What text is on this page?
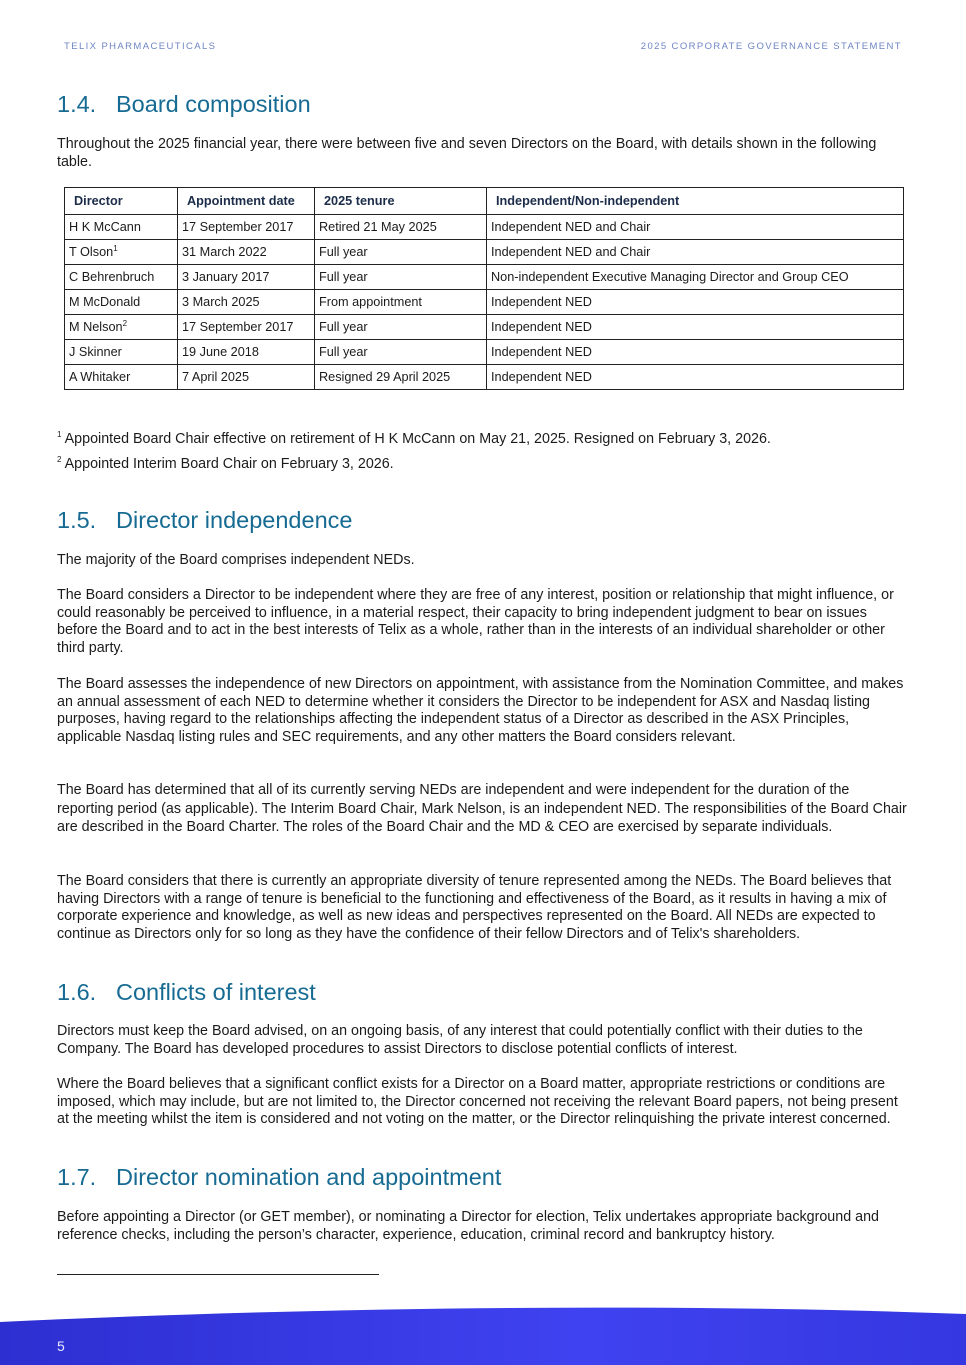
TELIX PHARMACEUTICALS	2025 CORPORATE GOVERNANCE STATEMENT
1.4. Board composition

Throughout the 2025 financial year, there were between five and seven Directors on the Board, with details shown in the following table.

Director	Appointment date	2025 tenure	Independent/Non-independent
H K McCann	17 September 2017	Retired 21 May 2025	Independent NED and Chair
T Olson$^1$	31 March 2022	Full year	Independent NED and Chair
C Behrenbruch	3 January 2017	Full year	Non-independent Executive Managing Director and Group CEO
M McDonald	3 March 2025	From appointment	Independent NED
M Nelson$^2$	17 September 2017	Full year	Independent NED
J Skinner	19 June 2018	Full year	Independent NED
A Whitaker	7 April 2025	Resigned 29 April 2025	Independent NED
$^1$ Appointed Board Chair effective on retirement of H K McCann on May 21, 2025. Resigned on February 3, 2026.
$^2$ Appointed Interim Board Chair on February 3, 2026.
1.5. Director independence

The majority of the Board comprises independent NEDs.

The Board considers a Director to be independent where they are free of any interest, position or relationship that might influence, or could reasonably be perceived to influence, in a material respect, their capacity to bring independent judgment to bear on issues before the Board and to act in the best interests of Telix as a whole, rather than in the interests of an individual shareholder or other third party.

The Board assesses the independence of new Directors on appointment, with assistance from the Nomination Committee, and makes an annual assessment of each NED to determine whether it considers the Director to be independent for ASX and Nasdaq listing purposes, having regard to the relationships affecting the independent status of a Director as described in the ASX Principles, applicable Nasdaq listing rules and SEC requirements, and any other matters the Board considers relevant.

The Board has determined that all of its currently serving NEDs are independent and were independent for the duration of the reporting period (as applicable). The Interim Board Chair, Mark Nelson, is an independent NED. The responsibilities of the Board Chair are described in the Board Charter. The roles of the Board Chair and the MD & CEO are exercised by separate individuals.

The Board considers that there is currently an appropriate diversity of tenure represented among the NEDs. The Board believes that having Directors with a range of tenure is beneficial to the functioning and effectiveness of the Board, as it results in having a mix of corporate experience and knowledge, as well as new ideas and perspectives represented on the Board. All NEDs are expected to continue as Directors only for so long as they have the confidence of their fellow Directors and of Telix's shareholders.

1.6. Conflicts of interest

Directors must keep the Board advised, on an ongoing basis, of any interest that could potentially conflict with their duties to the Company. The Board has developed procedures to assist Directors to disclose potential conflicts of interest.

Where the Board believes that a significant conflict exists for a Director on a Board matter, appropriate restrictions or conditions are imposed, which may include, but are not limited to, the Director concerned not receiving the relevant Board papers, not being present at the meeting whilst the item is considered and not voting on the matter, or the Director relinquishing the private interest concerned.

1.7. Director nomination and appointment

Before appointing a Director (or GET member), or nominating a Director for election, Telix undertakes appropriate background and reference checks, including the person’s character, experience, education, criminal record and bankruptcy history.

5
